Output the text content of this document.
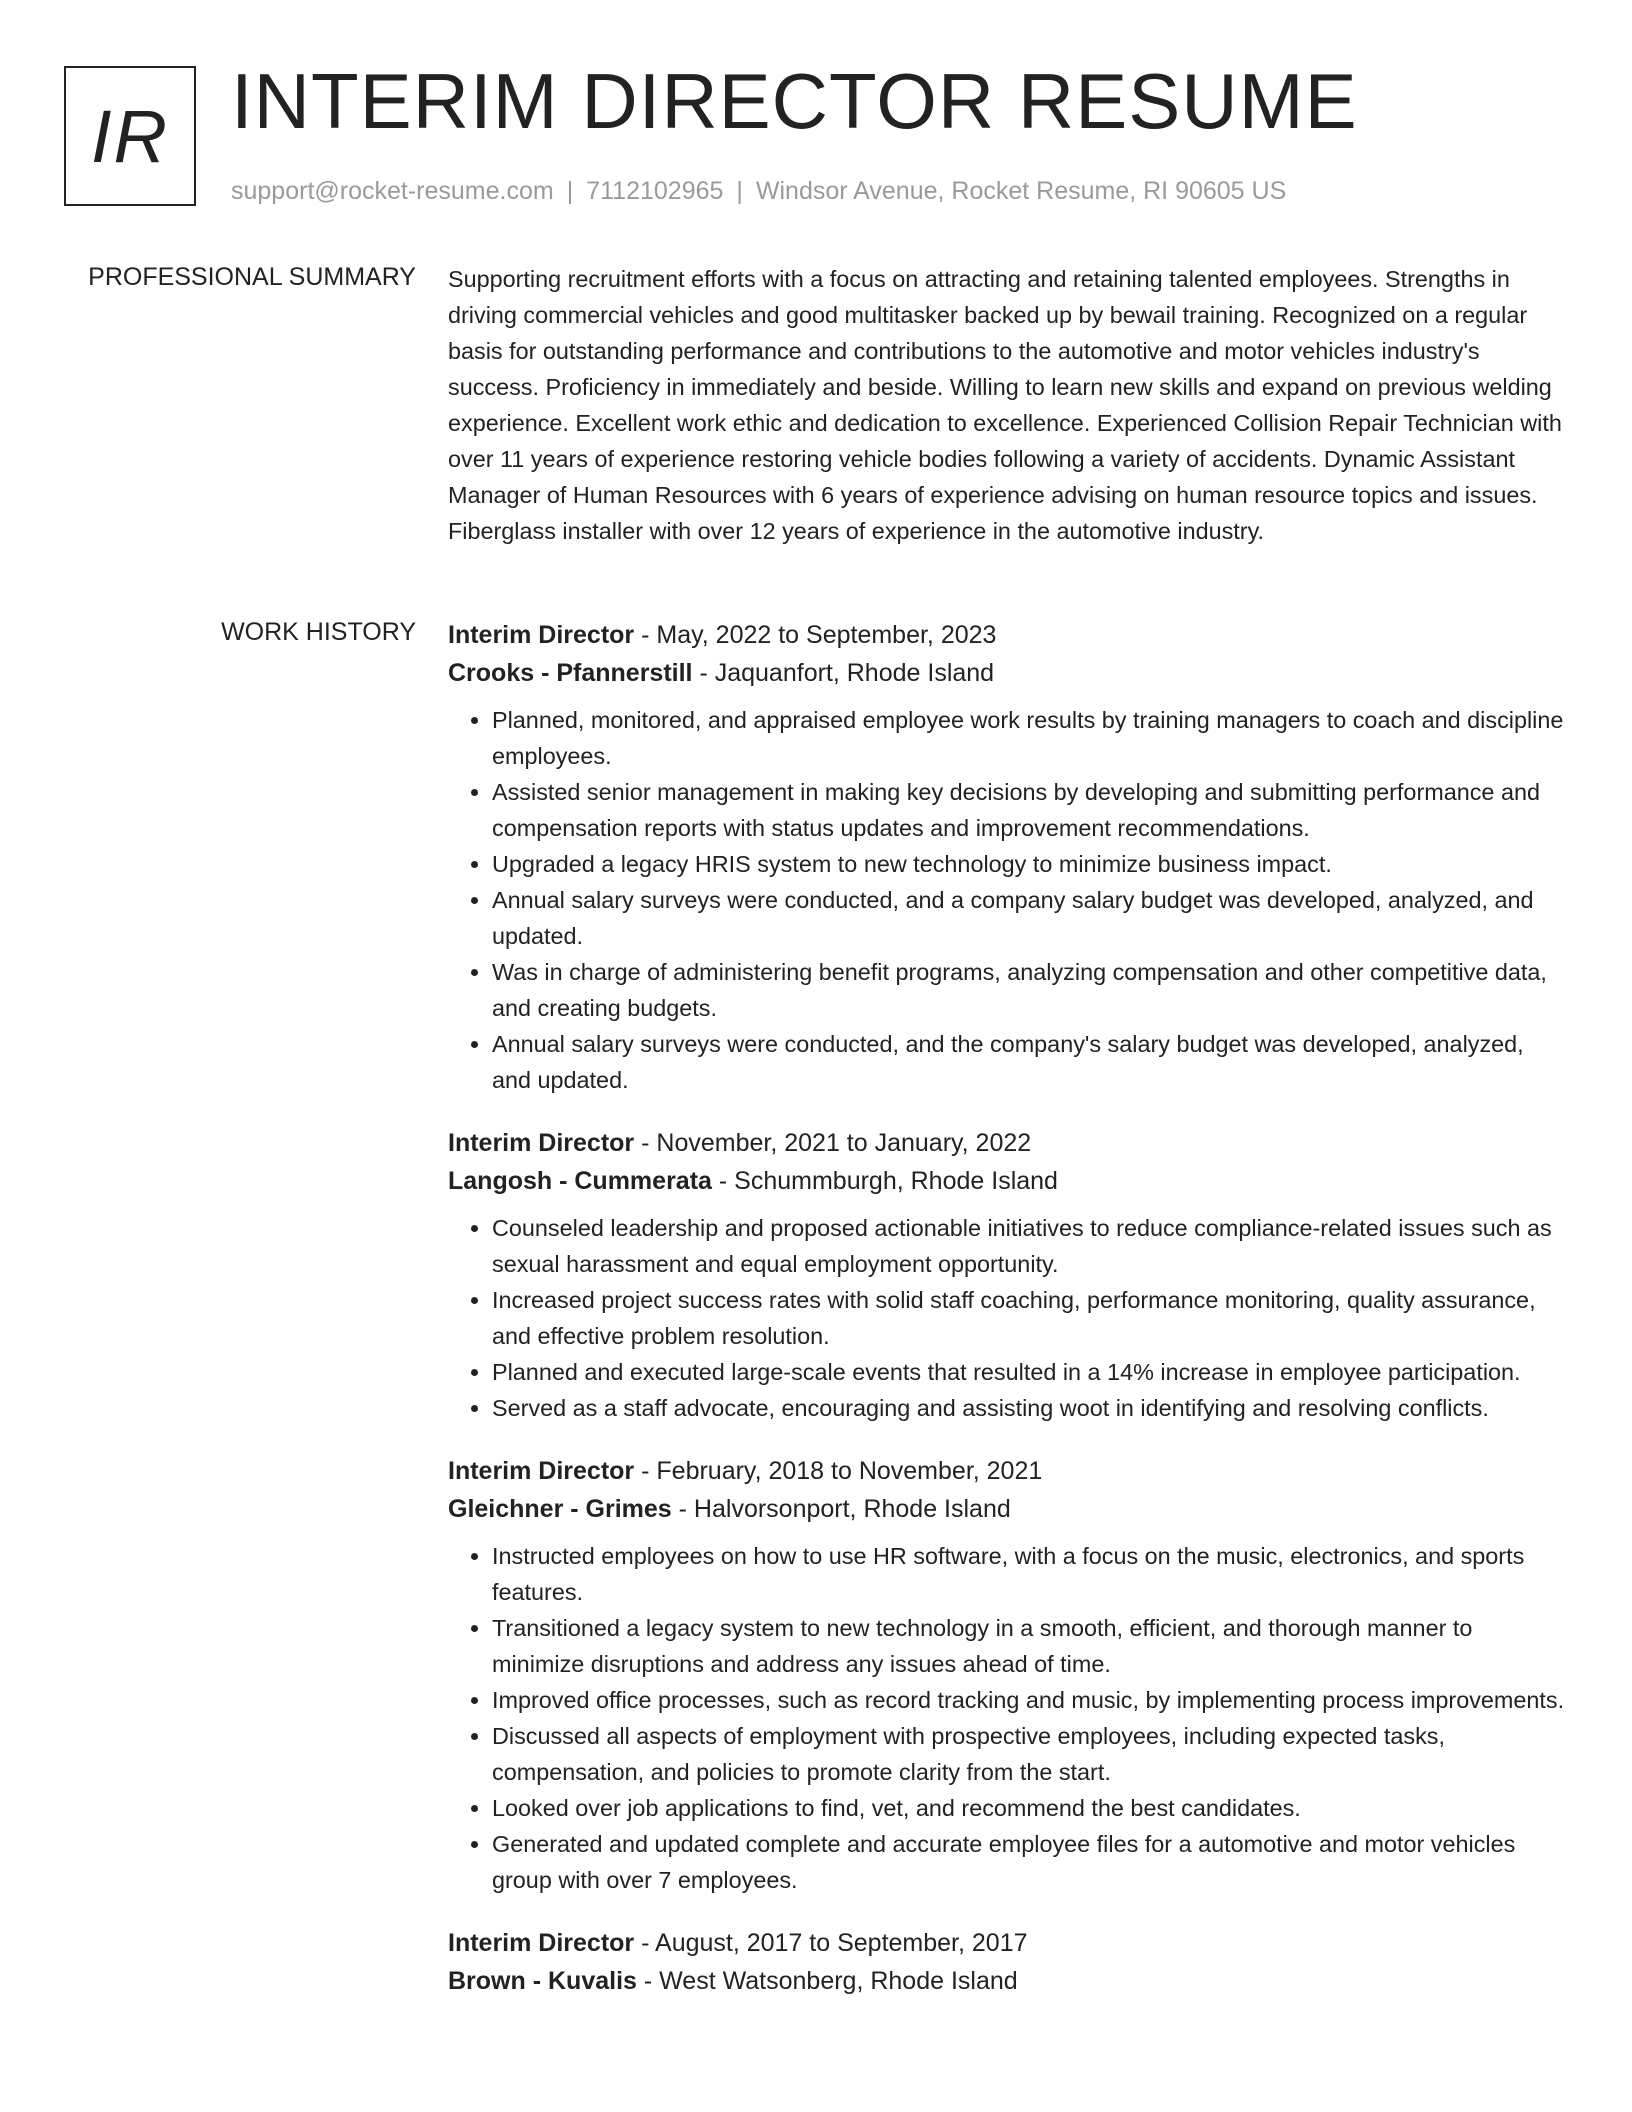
IR INTERIM DIRECTOR RESUME
support@rocket-resume.com | 7112102965 | Windsor Avenue, Rocket Resume, RI 90605 US
PROFESSIONAL SUMMARY Supporting recruitment efforts with a focus on attracting and retaining talented employees. Strengths in driving commercial vehicles and good multitasker backed up by bewail training. Recognized on a regular basis for outstanding performance and contributions to the automotive and motor vehicles industry's success. Proficiency in immediately and beside. Willing to learn new skills and expand on previous welding experience. Excellent work ethic and dedication to excellence. Experienced Collision Repair Technician with over 11 years of experience restoring vehicle bodies following a variety of accidents. Dynamic Assistant Manager of Human Resources with 6 years of experience advising on human resource topics and issues. Fiberglass installer with over 12 years of experience in the automotive industry.

WORK HISTORY Interim Director - May, 2022 to September, 2023

Crooks - Pfannerstill - Jaquanfort, Rhode Island

• Planned, monitored, and appraised employee work results by training managers to coach and discipline employees.
• Assisted senior management in making key decisions by developing and submitting performance and compensation reports with status updates and improvement recommendations.
• Upgraded a legacy HRIS system to new technology to minimize business impact.
• Annual salary surveys were conducted, and a company salary budget was developed, analyzed, and updated.
• Was in charge of administering benefit programs, analyzing compensation and other competitive data, and creating budgets.
• Annual salary surveys were conducted, and the company's salary budget was developed, analyzed, and updated.

Interim Director - November, 2021 to January, 2022

Langosh - Cummerata - Schummburgh, Rhode Island

• Counseled leadership and proposed actionable initiatives to reduce compliance-related issues such as sexual harassment and equal employment opportunity.
• Increased project success rates with solid staff coaching, performance monitoring, quality assurance, and effective problem resolution.
• Planned and executed large-scale events that resulted in a 14% increase in employee participation.
• Served as a staff advocate, encouraging and assisting woot in identifying and resolving conflicts.

Interim Director - February, 2018 to November, 2021

Gleichner - Grimes - Halvorsonport, Rhode Island

• Instructed employees on how to use HR software, with a focus on the music, electronics, and sports features.
• Transitioned a legacy system to new technology in a smooth, efficient, and thorough manner to minimize disruptions and address any issues ahead of time.
• Improved office processes, such as record tracking and music, by implementing process improvements.
• Discussed all aspects of employment with prospective employees, including expected tasks, compensation, and policies to promote clarity from the start.
• Looked over job applications to find, vet, and recommend the best candidates.
• Generated and updated complete and accurate employee files for a automotive and motor vehicles group with over 7 employees.

Interim Director - August, 2017 to September, 2017

Brown - Kuvalis - West Watsonberg, Rhode Island
